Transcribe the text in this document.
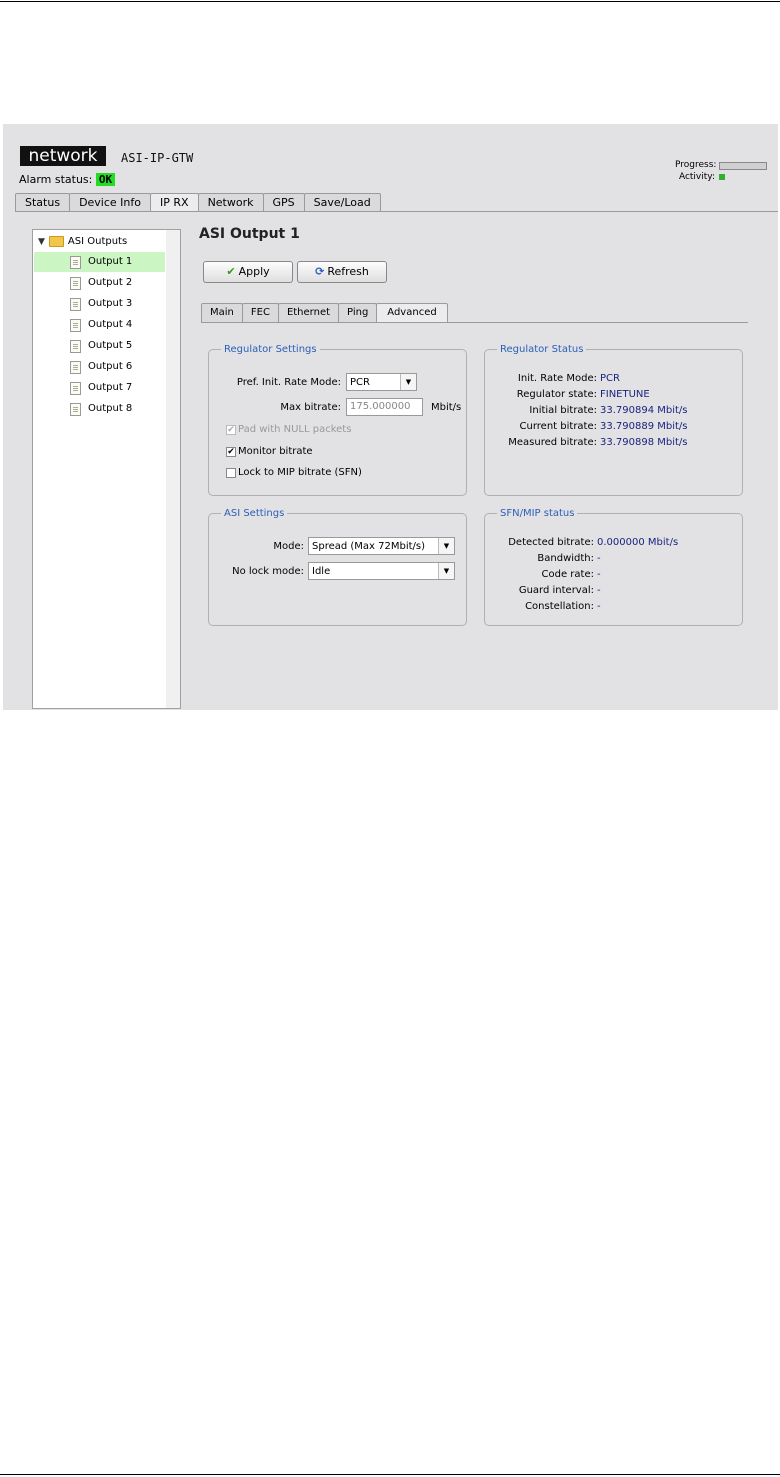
network	ASI-IP-GTW
Alarm status: OK
Progress:
Activity:
Status	Device Info	IP RX	Network	GPS	Save/Load
▼ ASI Outputs
Output 1
Output 2
Output 3
Output 4
Output 5
Output 6
Output 7
Output 8
ASI Output 1
✔ Apply	⟳ Refresh
Main	FEC	Ethernet	Ping	Advanced
Regulator Settings
Pref. Init. Rate Mode: PCR	▼
Max bitrate: 175.000000	Mbit/s
✔ Pad with NULL packets
✔ Monitor bitrate
Lock to MIP bitrate (SFN)
Regulator Status
Init. Rate Mode: PCR
Regulator state: FINETUNE
Initial bitrate: 33.790894 Mbit/s
Current bitrate: 33.790889 Mbit/s
Measured bitrate: 33.790898 Mbit/s
ASI Settings
Mode: Spread (Max 72Mbit/s)	▼
No lock mode: Idle	▼
SFN/MIP status
Detected bitrate: 0.000000 Mbit/s
Bandwidth: -
Code rate: -
Guard interval: -
Constellation: -
